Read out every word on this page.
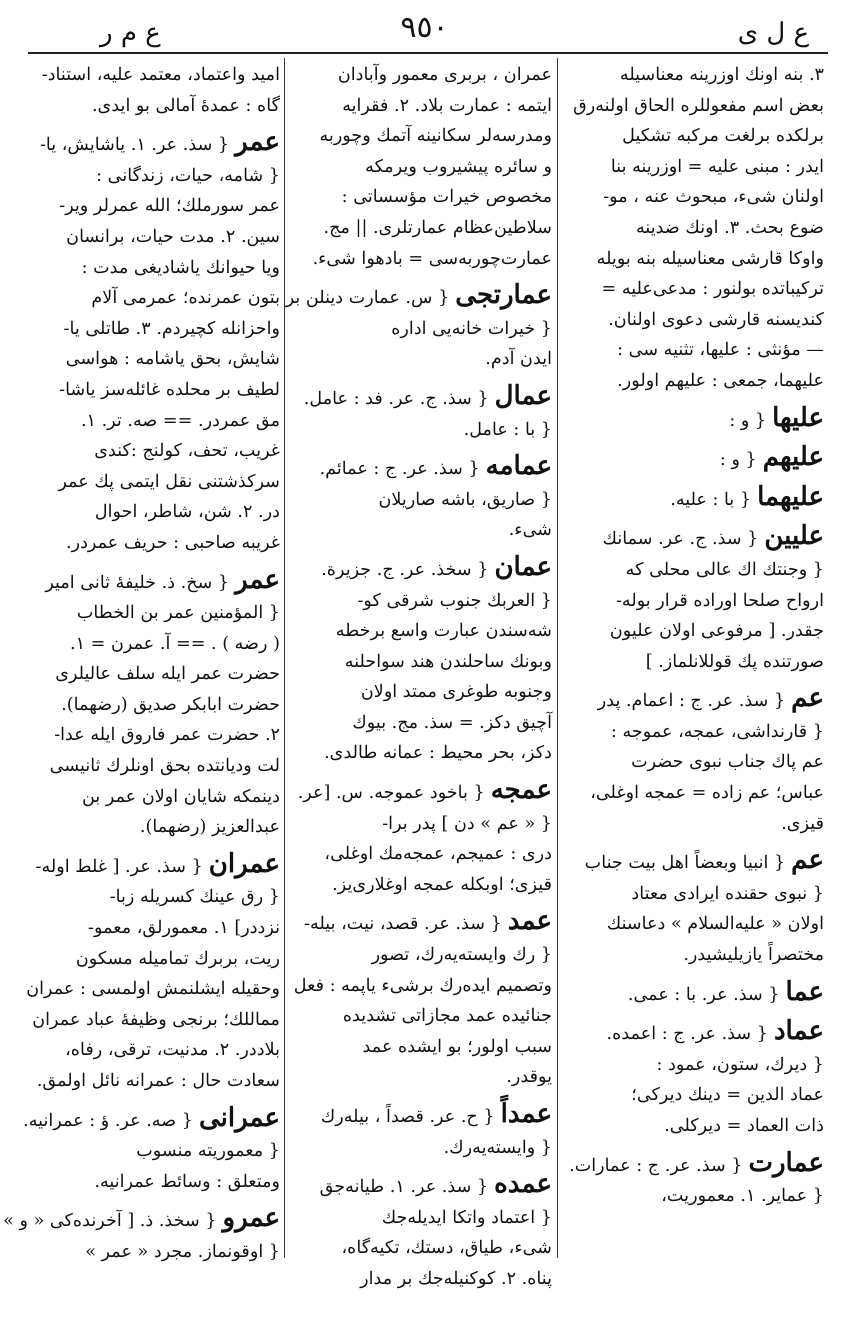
ع ل ى
٩٥٠
ع م ر
٣. بنه اونك اوزرینه معناسیله
بعض اسم مفعوللره الحاق اولنه‌رق
برلکده برلغت مرکبه تشکیل
ایدر : مبنی علیه = اوزرینه بنا
اولنان شیء، مبحوث عنه ، مو-
ضوع بحث. ٣. اونك ضدینه
واوكا قارشی معناسیله بنه بویله
ترکیباتده بولنور : مدعی‌علیه =
کندیسنه قارشی دعوی اولنان.
— مؤنثی : علیها، تثنیه سی :
علیهما، جمعی : علیهم اولور.
علیها{ و :
علیهم{ و :
علیهما{ با : علیه.
علیین{ سذ. ج. عر. سمانك
{ وجنتك اك عالی محلی که
ارواح صلحا اوراده قرار بوله-
جقدر. [ مرفوعی اولان علیون
صورتنده پك قوللانلماز. ]
عم{ سذ. عر. ج : اعمام. پدر
{ قارنداشی، عمجه، عموجه :
عم پاك جناب نبوی حضرت
عباس؛ عم زاده = عمجه اوغلی،
قیزی.
عم{ انبیا وبعضاً اهل بیت جناب
{ نبوی حقنده ایرادی معتاد
اولان « علیه‌السلام » دعاسنك
مختصراً یازیلیشیدر.
عما{ سذ. عر. با : عمی.
عماد{ سذ. عر. ج : اعمده.
{ دیرك، ستون، عمود :
عماد الدین = دینك دیركی؛
ذات العماد = دیركلی.
عمارت{ سذ. عر. ج : عمارات.
{ عمایر. ١. معموریت،
عمران ، بربری معمور وآبادان
ایتمه : عمارت بلاد. ٢. فقرایه
ومدرسه‌لر سكانینه آتمك وچوربه
و سائره پیشیروب ویرمكه
مخصوص خیرات مؤسساتی :
سلاطین‌عظام عمارتلری. || مج.
عمارت‌چوربه‌سی = بادهوا شیء.
عمارتجی{ س. عمارت دینلن بر
{ خیرات خانه‌یی اداره
ایدن آدم.
عمال{ سذ. ج. عر. فد : عامل.
{ با : عامل.
عمامه{ سذ. عر. ج : عمائم.
{ صاریق، باشه صاریلان
شیء.
عمان{ سخذ. عر. ج. جزیرة.
{ العربك جنوب شرقی كو-
شه‌سندن عبارت واسع برخطه
وبونك ساحلندن هند سواحلنه
وجنوبه طوغری ممتد اولان
آچیق دكز. = سذ. مج. بیوك
دكز، بحر محیط : عمانه طالدی.
عمجه{ باخود عموجه. س. [عر.
{ « عم » دن ] پدر برا-
دری : عمیجم، عمجه‌مك اوغلی،
قیزی؛ اوبكله عمجه اوغلاری‌یز.
عمد{ سذ. عر. قصد، نیت، بیله-
{ رك وایسته‌یه‌رك، تصور
وتصمیم ایده‌رك برشیء یاپمه : فعل
جنائیده عمد مجازاتی تشدید‌ه
سبب اولور؛ بو ایشده عمد
یوقدر.
عمداً{ ح. عر. قصداً ، بیله‌رك
{ وایسته‌یه‌رك.
عمده{ سذ. عر. ١. طیانه‌جق
{ اعتماد واتكا ایدیله‌جك
شیء، طیاق، دستك، تكیه‌گاه،
پناه. ٢. كوكنیله‌جك بر مدار
امید واعتماد، معتمد علیه، استناد-
گاه : عمدهٔ آمالی بو ایدی.
عمر{ سذ. عر. ١. یاشایش، یا-
{ شامه، حیات، زندگانی :
عمر سورملك؛ الله عمرلر ویر-
سین. ٢. مدت حیات، برانسان
ویا حیوانك یاشادیغی مدت :
بتون عمرنده؛ عمرمی آلام
واحزانله كچیردم. ٣. طاتلی یا-
شایش، بحق یاشامه : هواسی
لطیف بر محلده غائله‌سز یاشا-
مق عمردر. == صه. تر. ١.
غریب، تحف، كولنج :كندی
سركذشتنی نقل ایتمی پك عمر
در. ٢. شن، شاطر، احوال
غریبه صاحبی : حریف عمردر.
عمر{ سخ. ذ. خلیفهٔ ثانی امیر
{ المؤمنین عمر بن الخطاب
( رضه ) . == آ. عمرن = ١.
حضرت عمر ایله سلف عالیلری
حضرت ابابكر صدیق (رضهما).
٢. حضرت عمر فاروق ایله عدا-
لت ودیانتده بحق اونلرك ثانیسی
دینمكه شایان اولان عمر بن
عبدالعزیز (رضهما).
عمران{ سذ. عر. [ غلط اوله-
{ رق عینك كسریله زبا-
نزددر] ١. معمورلق، معمو-
ریت، بربرك تمامیله مسكون
وحقیله ایشلنمش اولمسی : عمران
مماللك؛ برنجی وظیفهٔ عباد عمران
بلاددر. ٢. مدنیت، ترقی، رفاه،
سعادت حال : عمرانه نائل اولمق.
عمرانی{ صه. عر. ؤ : عمرانیه.
{ معموریته منسوب
ومتعلق : وسائط عمرانیه.
عمرو{ سخذ. ذ. [ آخرنده‌كی « و »
{ اوقونماز. مجرد « عمر »
